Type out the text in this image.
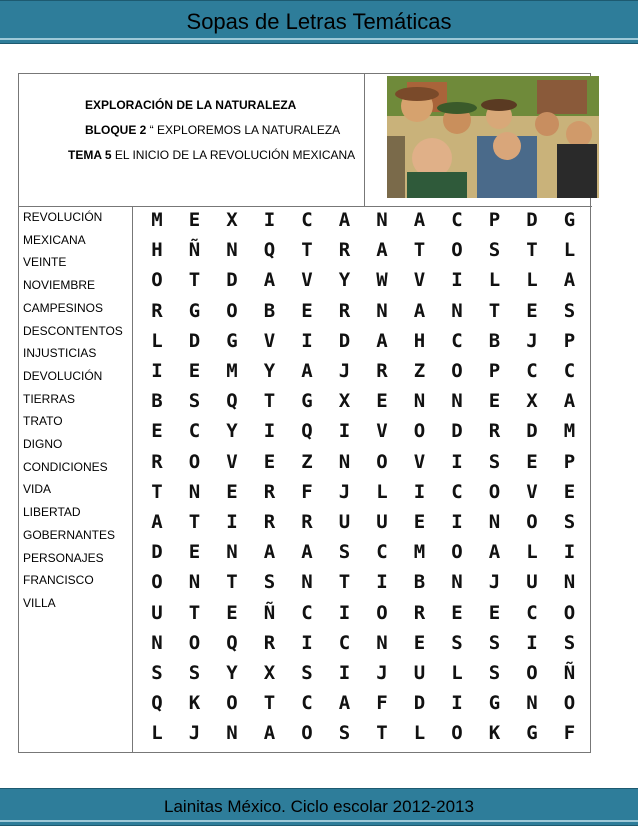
Sopas de Letras Temáticas
EXPLORACIÓN DE LA NATURALEZA
BLOQUE 2 “ EXPLOREMOS LA NATURALEZA
TEMA 5 EL INICIO DE LA REVOLUCIÓN MEXICANA
REVOLUCIÓN
MEXICANA
VEINTE
NOVIEMBRE
CAMPESINOS
DESCONTENTOS
INJUSTICIAS
DEVOLUCIÓN
TIERRAS
TRATO
DIGNO
CONDICIONES
VIDA
LIBERTAD
GOBERNANTES
PERSONAJES
FRANCISCO
VILLA
M	E	X	I	C	A	N	A	C	P	D	G
H	Ñ	N	Q	T	R	A	T	O	S	T	L
O	T	D	A	V	Y	W	V	I	L	L	A
R	G	O	B	E	R	N	A	N	T	E	S
L	D	G	V	I	D	A	H	C	B	J	P
I	E	M	Y	A	J	R	Z	O	P	C	C
B	S	Q	T	G	X	E	N	N	E	X	A
E	C	Y	I	Q	I	V	O	D	R	D	M
R	O	V	E	Z	N	O	V	I	S	E	P
T	N	E	R	F	J	L	I	C	O	V	E
A	T	I	R	R	U	U	E	I	N	O	S
D	E	N	A	A	S	C	M	O	A	L	I
O	N	T	S	N	T	I	B	N	J	U	N
U	T	E	Ñ	C	I	O	R	E	E	C	O
N	O	Q	R	I	C	N	E	S	S	I	S
S	S	Y	X	S	I	J	U	L	S	O	Ñ
Q	K	O	T	C	A	F	D	I	G	N	O
L	J	N	A	O	S	T	L	O	K	G	F
Lainitas México. Ciclo escolar 2012-2013
